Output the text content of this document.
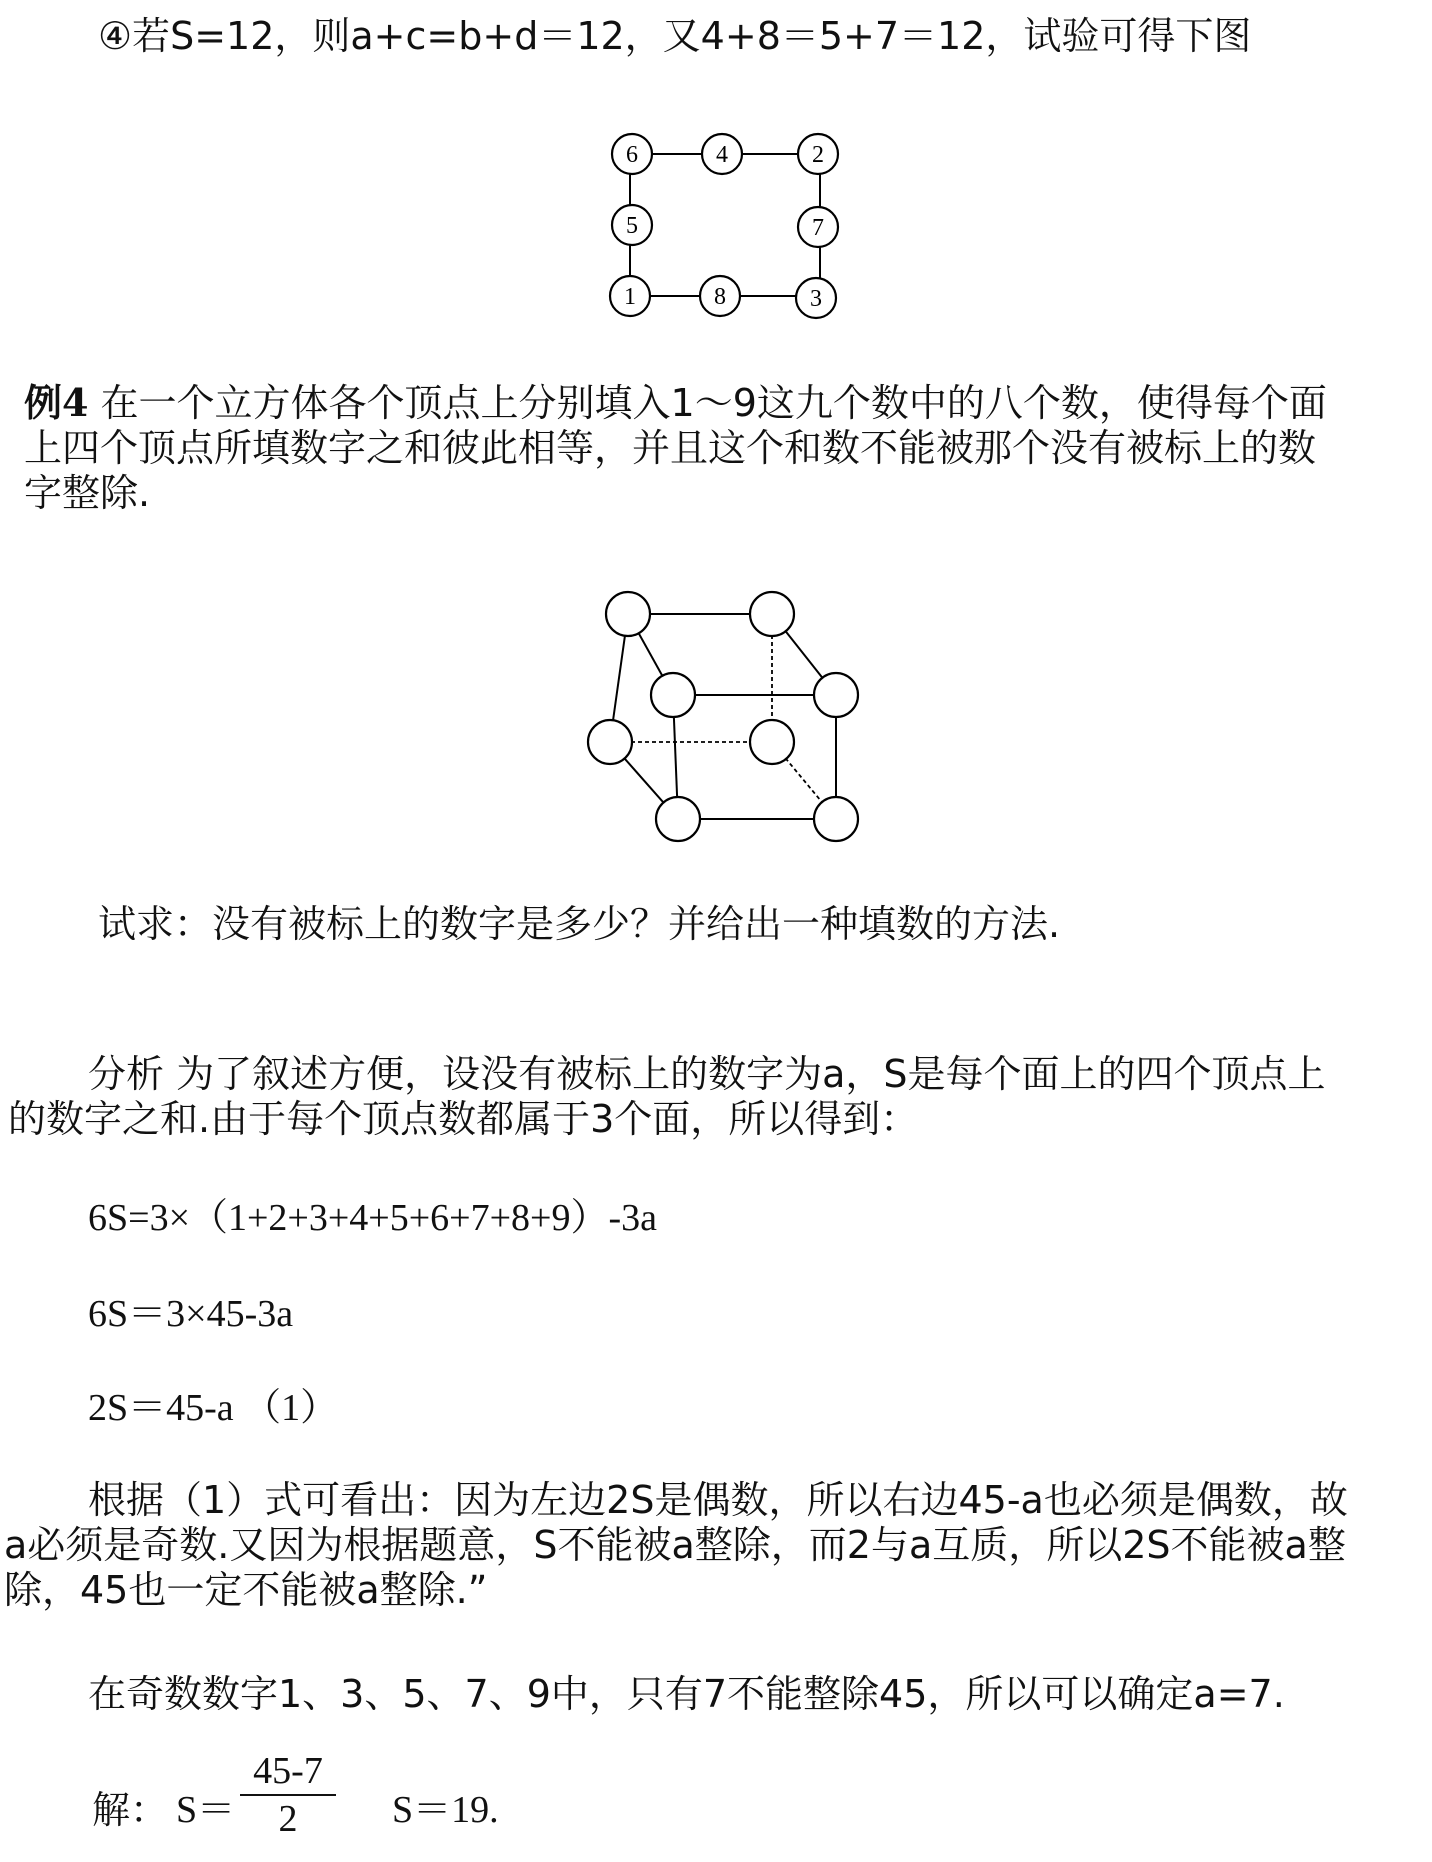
④若S=12，则a+c=b+d＝12，又4+8＝5+7＝12，试验可得下图
6	4	2
5	7
1	8	3
例4 在一个立方体各个顶点上分别填入1～9这九个数中的八个数，使得每个面
上四个顶点所填数字之和彼此相等，并且这个和数不能被那个没有被标上的数
字整除.
试求：没有被标上的数字是多少？并给出一种填数的方法.
分析 为了叙述方便，设没有被标上的数字为a，S是每个面上的四个顶点上
的数字之和.由于每个顶点数都属于3个面，所以得到：
6S=3×（1+2+3+4+5+6+7+8+9）-3a
6S＝3×45-3a
2S＝45-a （1）
根据（1）式可看出：因为左边2S是偶数，所以右边45-a也必须是偶数，故
a必须是奇数.又因为根据题意，S不能被a整除，而2与a互质，所以2S不能被a整
除，45也一定不能被a整除.”
在奇数数字1、3、5、7、9中，只有7不能整除45，所以可以确定a=7.
解： S＝
45-7
2	S＝19.
